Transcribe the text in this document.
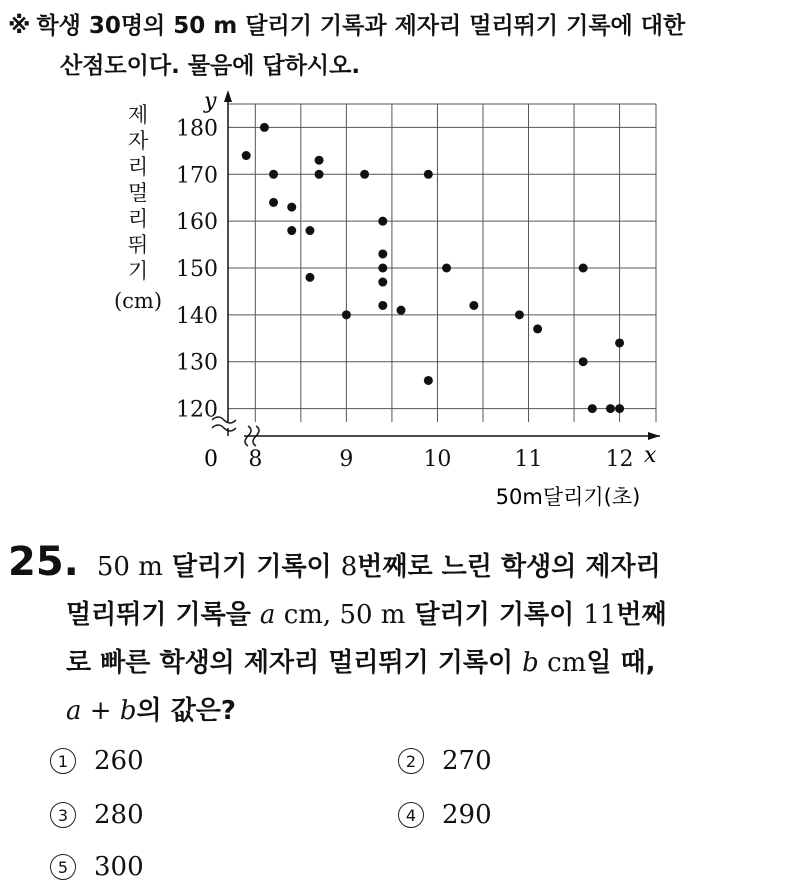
※ 학생 30명의 50 m 달리기 기록과 제자리 멀리뛰기 기록에 대한
산점도이다. 물음에 답하시오.
120
130
140
150
160
170
180
8	9	10	11	12
제
자
리
멀
리
뛰
기
(cm)
50m달리기(초)
x
y
0
25. 50 m 달리기 기록이 8번째로 느린 학생의 제자리
멀리뛰기 기록을 a cm, 50 m 달리기 기록이 11번째
로 빠른 학생의 제자리 멀리뛰기 기록이 b cm일 때,
a + b의 값은?
1 260	2 270
3 280	4 290
5 300
